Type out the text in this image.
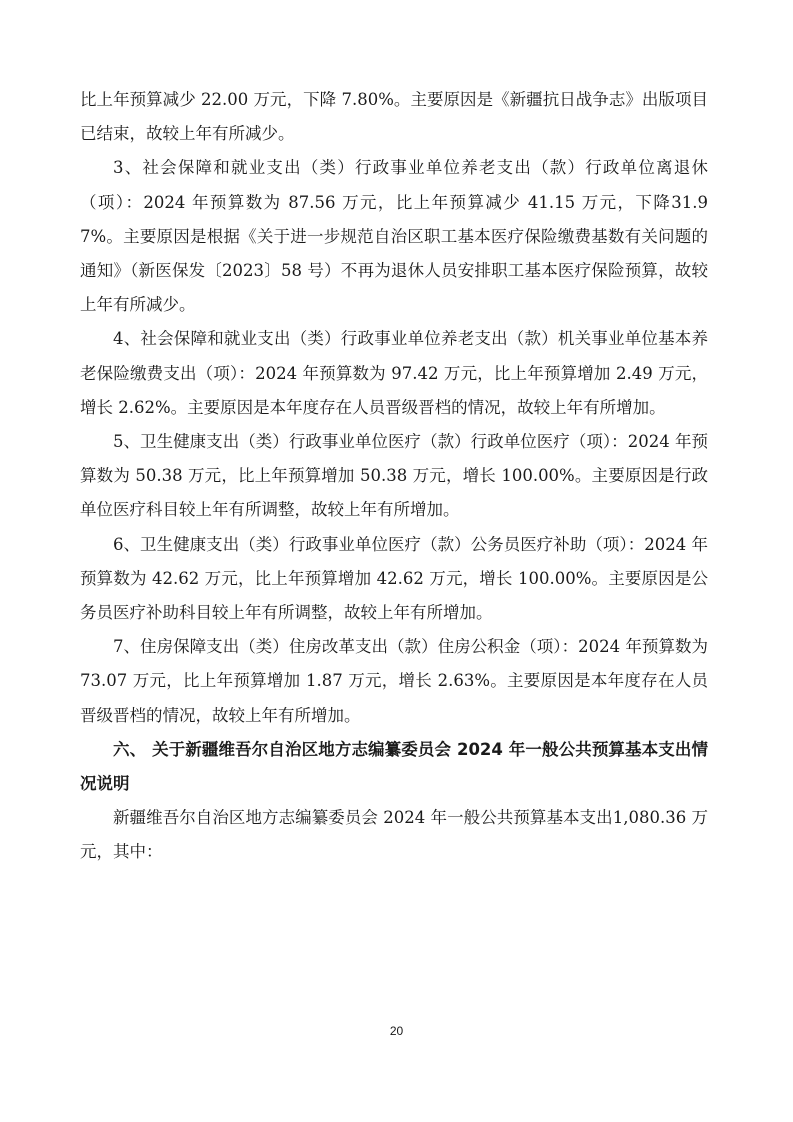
比上年预算减少 22.00 万元，下降 7.80%。主要原因是《新疆抗日战争志》出版项目已结束，故较上年有所减少。

3、社会保障和就业支出（类）行政事业单位养老支出（款）行政单位离退休（项）：2024 年预算数为 87.56 万元，比上年预算减少 41.15 万元，下降31.97%。主要原因是根据《关于进一步规范自治区职工基本医疗保险缴费基数有关问题的通知》（新医保发〔2023〕58 号）不再为退休人员安排职工基本医疗保险预算，故较上年有所减少。

4、社会保障和就业支出（类）行政事业单位养老支出（款）机关事业单位基本养老保险缴费支出（项）：2024 年预算数为 97.42 万元，比上年预算增加 2.49 万元，增长 2.62%。主要原因是本年度存在人员晋级晋档的情况，故较上年有所增加。

5、卫生健康支出（类）行政事业单位医疗（款）行政单位医疗（项）：2024 年预算数为 50.38 万元，比上年预算增加 50.38 万元，增长 100.00%。主要原因是行政单位医疗科目较上年有所调整，故较上年有所增加。

6、卫生健康支出（类）行政事业单位医疗（款）公务员医疗补助（项）：2024 年预算数为 42.62 万元，比上年预算增加 42.62 万元，增长 100.00%。主要原因是公务员医疗补助科目较上年有所调整，故较上年有所增加。

7、住房保障支出（类）住房改革支出（款）住房公积金（项）：2024 年预算数为 73.07 万元，比上年预算增加 1.87 万元，增长 2.63%。主要原因是本年度存在人员晋级晋档的情况，故较上年有所增加。

六、 关于新疆维吾尔自治区地方志编纂委员会 2024 年一般公共预算基本支出情况说明

新疆维吾尔自治区地方志编纂委员会 2024 年一般公共预算基本支出1,080.36 万元，其中：

20
